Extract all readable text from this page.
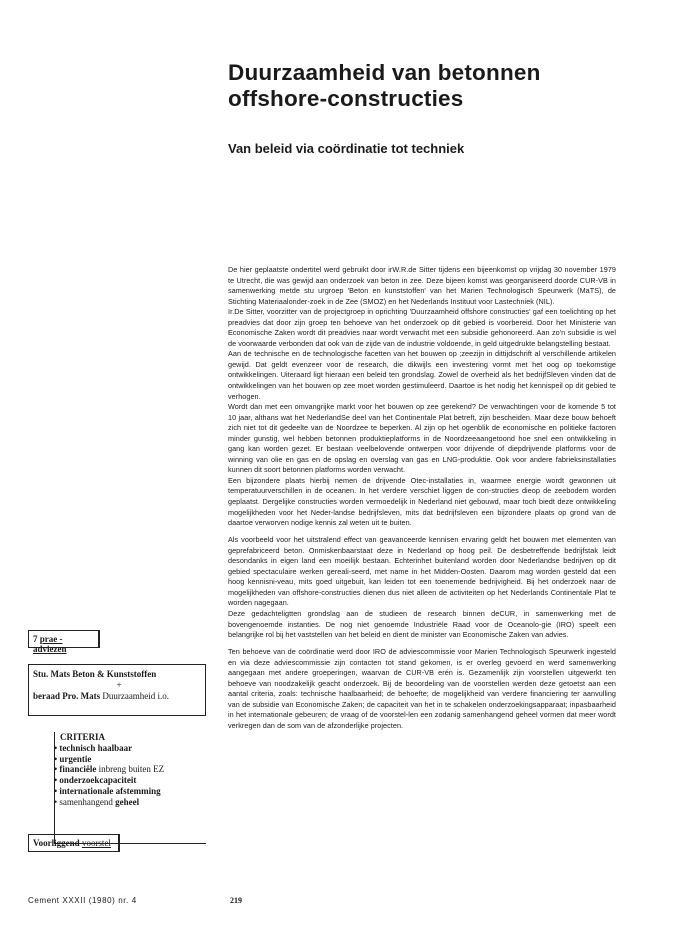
Duurzaamheid van betonnen
offshore-constructies
Van beleid via coördinatie tot techniek

De hier geplaatste ondertitel werd gebruikt door irW.R.de Sitter tijdens een bijeenkomst op vrijdag 30 november 1979 te Utrecht, die was gewijd aan onderzoek van beton in zee. Deze bijeen komst was georganiseerd doorde CUR-VB in samenwerking metde stu urgroep 'Beton en kunststoffen' van het Marien Technologisch Speurwerk (MaTS), de Stichting Materiaalonder-zoek in de Zee (SMOZ) en het Nederlands Instituut voor Lastechniek (NIL).

Ir.De Sitter, voorzitter van de projectgroep in oprichting 'Duurzaamheid offshore constructies' gaf een toelichting op het preadvies dat door zijn groep ten behoeve van het onderzoek op dit gebied is voorbereid. Door het Ministerie van Economische Zaken wordt dit preadvies naar wordt verwacht met een subsidie gehonoreerd. Aan zo'n subsidie is wel de voorwaarde verbonden dat ook van de zijde van de industrie voldoende, in geld uitgedrukte belangstelling bestaat.

Aan de technische en de technologische facetten van het bouwen op ;zeezijn in dittijdschrift al verschillende artikelen gewijd. Dat geldt evenzeer voor de research, die dikwijls een investering vormt met het oog op toekomstige ontwikkelingen. Uiteraard ligt hieraan een beleid ten grondslag. Zowel de overheid als het bedrijfSleven vinden dat de ontwikkelingen van het bouwen op zee moet worden gestimuleerd. Daartoe is het nodig het kennispeil op dit gebied te verhogen.

Wordt dan met een omvangrijke markt voor het bouwen op zee gerekend? De verwachtingen voor de komende 5 tot 10 jaar, althans wat het NederlandSe deel van het Continentale Plat betreft, zijn bescheiden. Maar deze bouw behoeft zich niet tot dit gedeelte van de Noordzee te beperken. Al zijn op het ogenblik de economische en politieke factoren minder gunstig, wel hebben betonnen produktieplatforms in de Noordzeeaangetoond hoe snel een ontwikkeling in gang kan worden gezet. Er bestaan veelbelovende ontwerpen voor drijvende of diepdrijvende platforms voor de winning van olie en gas en de opslag en overslag van gas en LNG-produktie. Ook voor andere fabrieksinstallaties kunnen dit soort betonnen platforms worden verwacht.

Een bijzondere plaats hierbij nemen de drijvende Otec-installaties in, waarmee energie wordt gewonnen uit temperatuurverschillen in de oceanen. In het verdere verschiet liggen de con-structies dieop de zeebodem worden geplaatst. Dergelijke constructies worden vermoedelijk in Nederland niet gebouwd, maar toch biedt deze ontwikkeling mogelijkheden voor het Neder-landse bedrijfsleven, mits dat bedrijfsleven een bijzondere plaats op grond van de daartoe verworven nodige kennis zal weten uit te buiten.

Als voorbeeld voor het uitstralend effect van geavanceerde kennisen ervaring geldt het bouwen met elementen van geprefabriceerd beton. Onmiskenbaarstaat deze in Nederland op hoog peil. De desbetreffende bedrijfstak leidt desondanks in eigen land een moeilijk bestaan. Echterinhet buitenland worden door Nederlandse bedrijven op dit gebied spectaculaire werken gereali-seerd, met name in het Midden-Oosten. Daarom mag worden gesteld dat een hoog kennisni-veau, mits goed uitgebuit, kan leiden tot een toenemende bedrijvigheid. Bij het onderzoek naar de mogelijkheden van offshore-constructies dienen dus niet alleen de activiteiten op het Nederlands Continentale Plat te worden nagegaan.

Deze gedachteligtten grondslag aan de studieen de research binnen deCUR, in samenwerking met de bovengenoemde instanties. De nog niet genoemde Industriële Raad voor de Oceanolo-gie (IRO) speelt een belangrijke rol bij het vaststellen van het beleid en dient de minister van Economische Zaken van advies.

Ten behoeve van de coördinatie werd door IRO de adviescommissie voor Marien Technologisch Speurwerk ingesteld en via deze adviescommissie zijn contacten tot stand gekomen, is er overleg gevoerd en werd samenwerking aangegaan met andere groeperingen, waarvan de CUR-VB erén is. Gezamenlijk zijn voorstellen uitgewerkt ten behoeve van noodzakelijk geacht onderzoek. Bij de beoordeling van de voorstellen werden deze getoetst aan een aantal criteria, zoals: technische haalbaarheid; de behoefte; de mogelijkheid van verdere financiering ter aanvulling van de subsidie van Economische Zaken; de capaciteit van het in te schakelen onderzoekingsapparaat; inpasbaarheid in het internationale gebeuren; de vraag of de voorstel-len een zodanig samenhangend geheel vormen dat meer wordt verkregen dan de som van de afzonderlijke projecten.

7 prae - adviezen
Stu. Mats Beton & Kunststoffen
+
beraad Pro. Mats Duurzaamheid i.o.
CRITERIA
• technisch haalbaar
• urgentie
• financiële inbreng buiten EZ
• onderzoekcapaciteit
• internationale afstemming
• samenhangend geheel
Voorliggend voorstel
Cement XXXII (1980) nr. 4	219
